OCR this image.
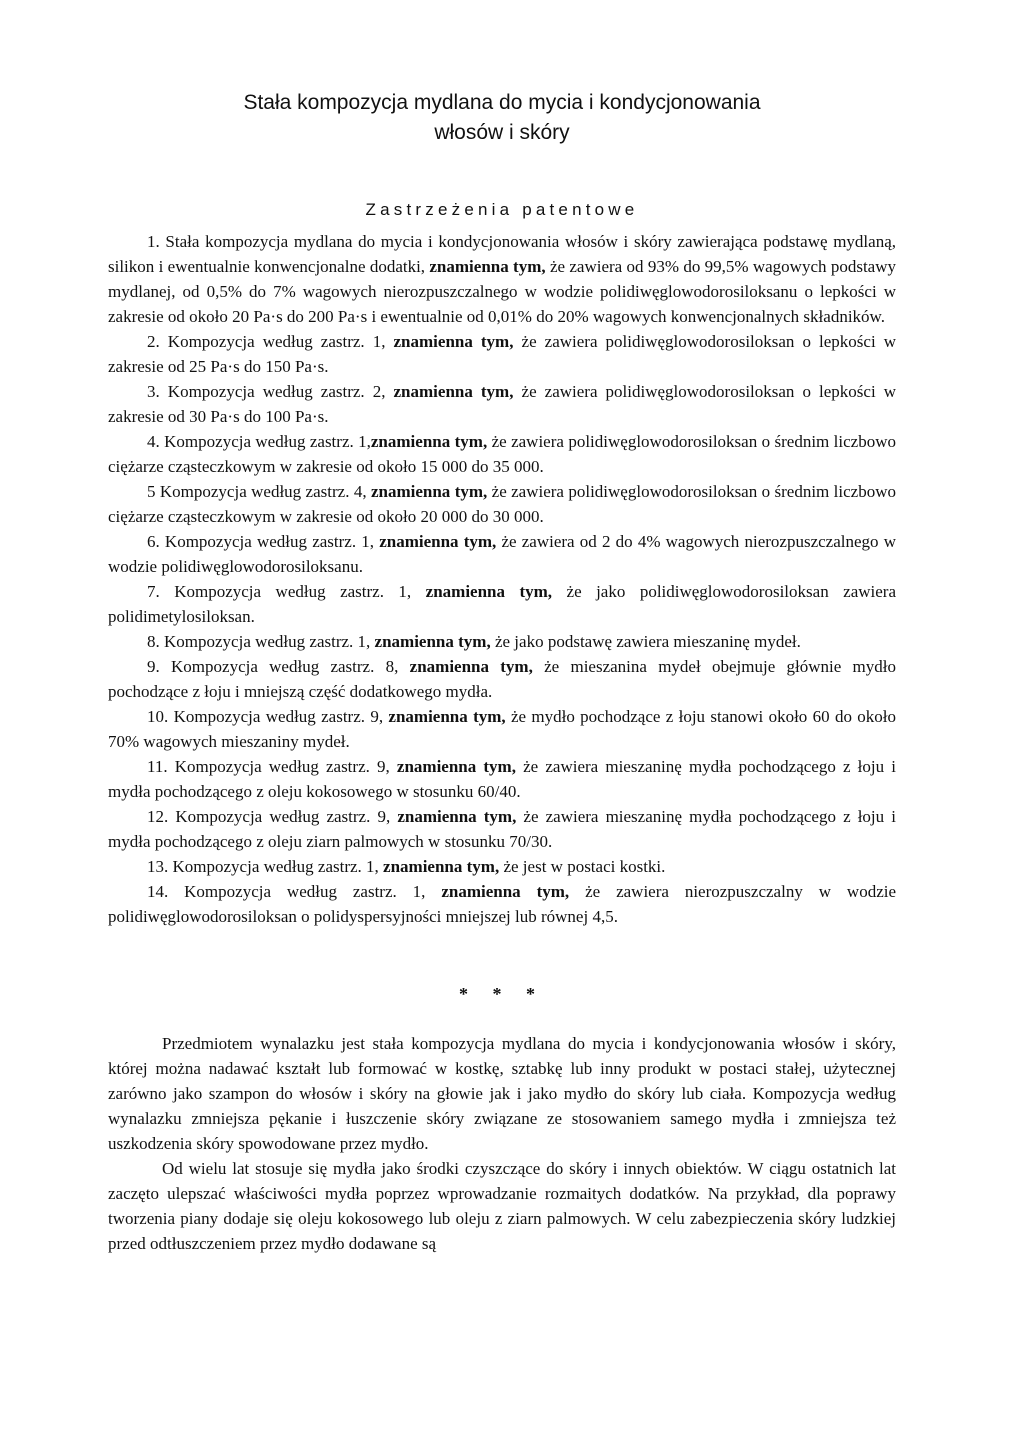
Stała kompozycja mydlana do mycia i kondycjonowania
włosów i skóry
Zastrzeżenia patentowe

1. Stała kompozycja mydlana do mycia i kondycjonowania włosów i skóry zawierająca podstawę mydlaną, silikon i ewentualnie konwencjonalne dodatki, znamienna tym, że zawiera od 93% do 99,5% wagowych podstawy mydlanej, od 0,5% do 7% wagowych nierozpuszczalnego w wodzie polidiwęglowodorosiloksanu o lepkości w zakresie od około 20 Pa·s do 200 Pa·s i ewentualnie od 0,01% do 20% wagowych konwencjonalnych składników.

2. Kompozycja według zastrz. 1, znamienna tym, że zawiera polidiwęglowodorosiloksan o lepkości w zakresie od 25 Pa·s do 150 Pa·s.

3. Kompozycja według zastrz. 2, znamienna tym, że zawiera polidiwęglowodorosiloksan o lepkości w zakresie od 30 Pa·s do 100 Pa·s.

4. Kompozycja według zastrz. 1,znamienna tym, że zawiera polidiwęglowodorosiloksan o średnim liczbowo ciężarze cząsteczkowym w zakresie od około 15 000 do 35 000.

5 Kompozycja według zastrz. 4, znamienna tym, że zawiera polidiwęglowodorosiloksan o średnim liczbowo ciężarze cząsteczkowym w zakresie od około 20 000 do 30 000.

6. Kompozycja według zastrz. 1, znamienna tym, że zawiera od 2 do 4% wagowych nierozpuszczalnego w wodzie polidiwęglowodorosiloksanu.

7. Kompozycja według zastrz. 1, znamienna tym, że jako polidiwęglowodorosiloksan zawiera polidimetylosiloksan.

8. Kompozycja według zastrz. 1, znamienna tym, że jako podstawę zawiera mieszaninę mydeł.

9. Kompozycja według zastrz. 8, znamienna tym, że mieszanina mydeł obejmuje głównie mydło pochodzące z łoju i mniejszą część dodatkowego mydła.

10. Kompozycja według zastrz. 9, znamienna tym, że mydło pochodzące z łoju stanowi około 60 do około 70% wagowych mieszaniny mydeł.

11. Kompozycja według zastrz. 9, znamienna tym, że zawiera mieszaninę mydła pochodzącego z łoju i mydła pochodzącego z oleju kokosowego w stosunku 60/40.

12. Kompozycja według zastrz. 9, znamienna tym, że zawiera mieszaninę mydła pochodzącego z łoju i mydła pochodzącego z oleju ziarn palmowych w stosunku 70/30.

13. Kompozycja według zastrz. 1, znamienna tym, że jest w postaci kostki.

14. Kompozycja według zastrz. 1, znamienna tym, że zawiera nierozpuszczalny w wodzie polidiwęglowodorosiloksan o polidyspersyjności mniejszej lub równej 4,5.

* * *

Przedmiotem wynalazku jest stała kompozycja mydlana do mycia i kondycjonowania włosów i skóry, której można nadawać kształt lub formować w kostkę, sztabkę lub inny produkt w postaci stałej, użytecznej zarówno jako szampon do włosów i skóry na głowie jak i jako mydło do skóry lub ciała. Kompozycja według wynalazku zmniejsza pękanie i łuszczenie skóry związane ze stosowaniem samego mydła i zmniejsza też uszkodzenia skóry spowodowane przez mydło.

Od wielu lat stosuje się mydła jako środki czyszczące do skóry i innych obiektów. W ciągu ostatnich lat zaczęto ulepszać właściwości mydła poprzez wprowadzanie rozmaitych dodatków. Na przykład, dla poprawy tworzenia piany dodaje się oleju kokosowego lub oleju z ziarn palmowych. W celu zabezpieczenia skóry ludzkiej przed odtłuszczeniem przez mydło dodawane są
